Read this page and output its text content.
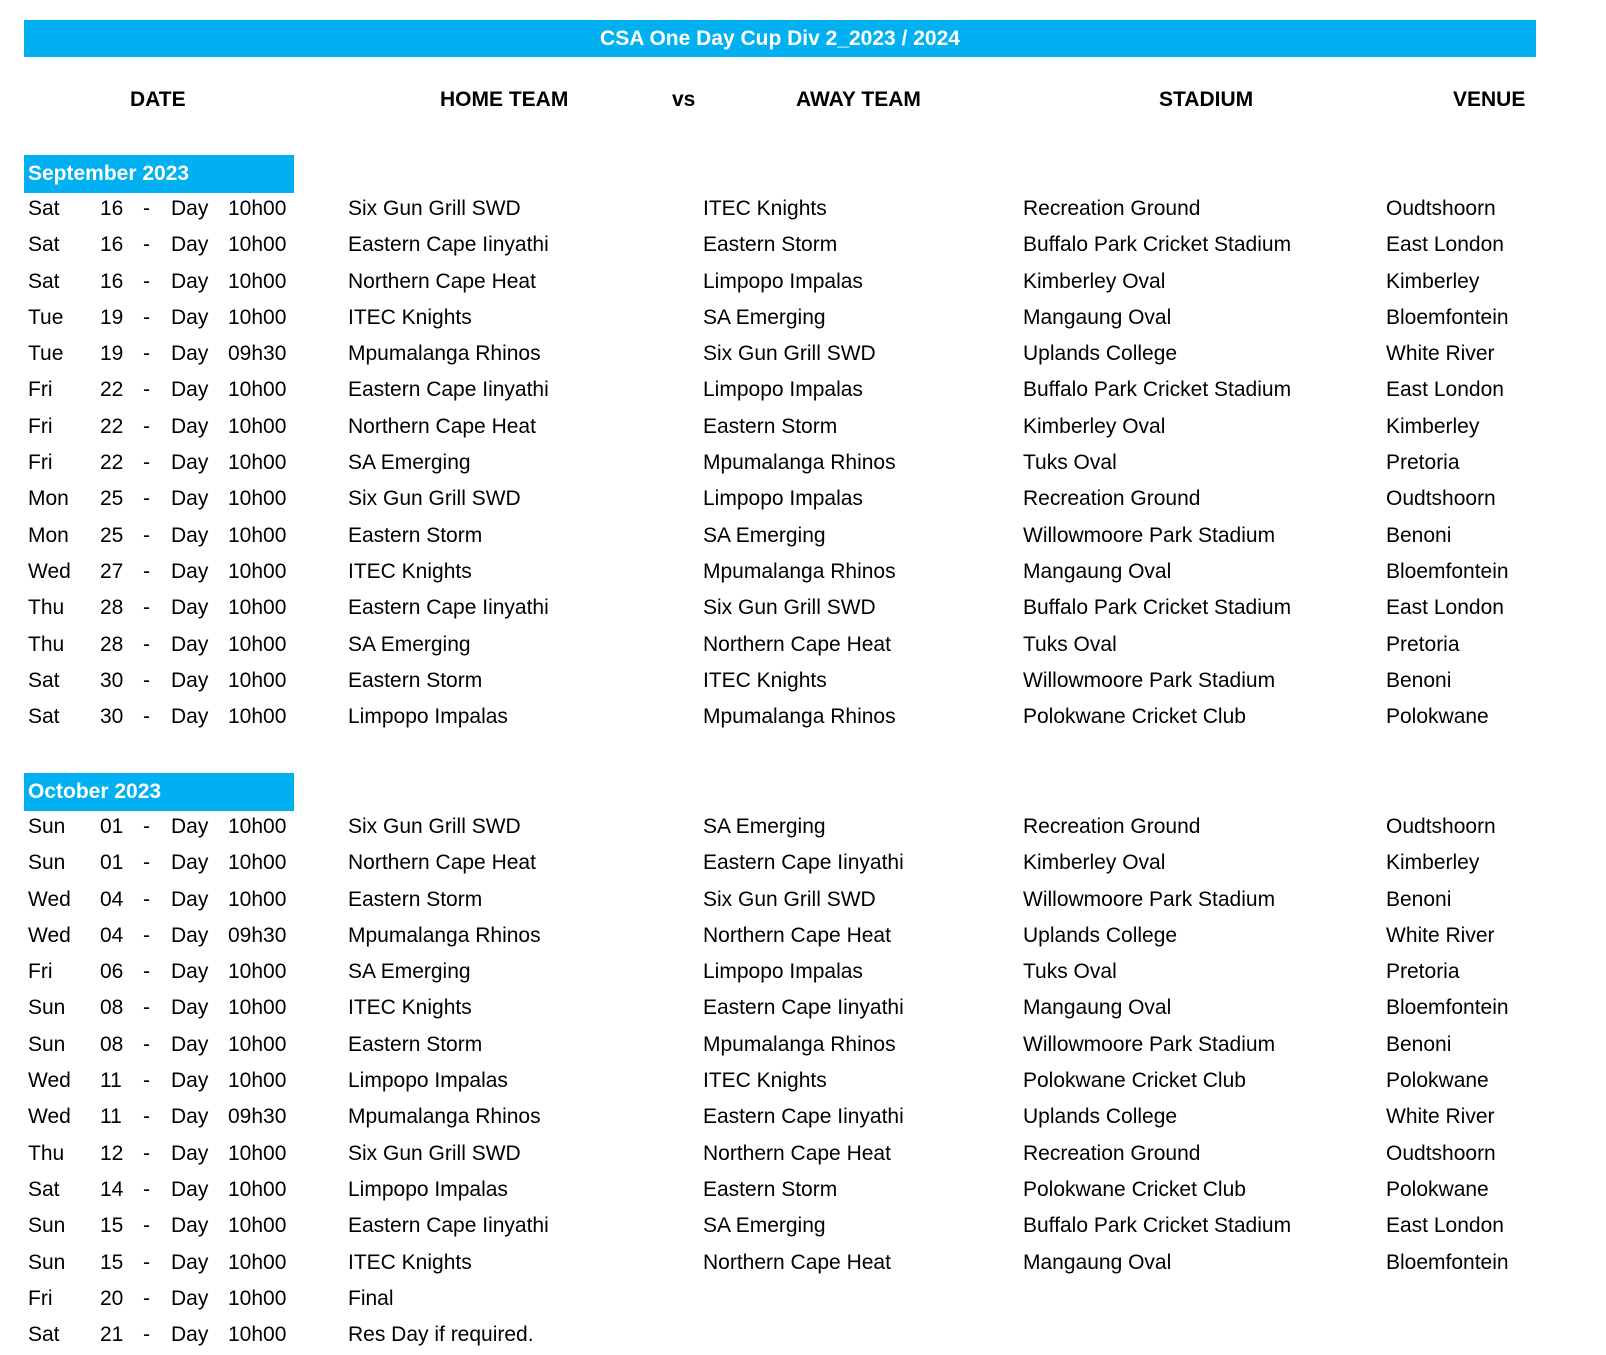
CSA One Day Cup Div 2_2023 / 2024
DATE	HOME TEAM	vs	AWAY TEAM	STADIUM	VENUE
September 2023
Sat 16 - Day 10h00	Six Gun Grill SWD	ITEC Knights	Recreation Ground	Oudtshoorn
Sat 16 - Day 10h00	Eastern Cape Iinyathi	Eastern Storm	Buffalo Park Cricket Stadium	East London
Sat 16 - Day 10h00	Northern Cape Heat	Limpopo Impalas	Kimberley Oval	Kimberley
Tue 19 - Day 10h00	ITEC Knights	SA Emerging	Mangaung Oval	Bloemfontein
Tue 19 - Day 09h30	Mpumalanga Rhinos	Six Gun Grill SWD	Uplands College	White River
Fri 22 - Day 10h00	Eastern Cape Iinyathi	Limpopo Impalas	Buffalo Park Cricket Stadium	East London
Fri 22 - Day 10h00	Northern Cape Heat	Eastern Storm	Kimberley Oval	Kimberley
Fri 22 - Day 10h00	SA Emerging	Mpumalanga Rhinos	Tuks Oval	Pretoria
Mon 25 - Day 10h00	Six Gun Grill SWD	Limpopo Impalas	Recreation Ground	Oudtshoorn
Mon 25 - Day 10h00	Eastern Storm	SA Emerging	Willowmoore Park Stadium	Benoni
Wed 27 - Day 10h00	ITEC Knights	Mpumalanga Rhinos	Mangaung Oval	Bloemfontein
Thu 28 - Day 10h00	Eastern Cape Iinyathi	Six Gun Grill SWD	Buffalo Park Cricket Stadium	East London
Thu 28 - Day 10h00	SA Emerging	Northern Cape Heat	Tuks Oval	Pretoria
Sat 30 - Day 10h00	Eastern Storm	ITEC Knights	Willowmoore Park Stadium	Benoni
Sat 30 - Day 10h00	Limpopo Impalas	Mpumalanga Rhinos	Polokwane Cricket Club	Polokwane
October 2023
Sun 01 - Day 10h00	Six Gun Grill SWD	SA Emerging	Recreation Ground	Oudtshoorn
Sun 01 - Day 10h00	Northern Cape Heat	Eastern Cape Iinyathi	Kimberley Oval	Kimberley
Wed 04 - Day 10h00	Eastern Storm	Six Gun Grill SWD	Willowmoore Park Stadium	Benoni
Wed 04 - Day 09h30	Mpumalanga Rhinos	Northern Cape Heat	Uplands College	White River
Fri 06 - Day 10h00	SA Emerging	Limpopo Impalas	Tuks Oval	Pretoria
Sun 08 - Day 10h00	ITEC Knights	Eastern Cape Iinyathi	Mangaung Oval	Bloemfontein
Sun 08 - Day 10h00	Eastern Storm	Mpumalanga Rhinos	Willowmoore Park Stadium	Benoni
Wed 11 - Day 10h00	Limpopo Impalas	ITEC Knights	Polokwane Cricket Club	Polokwane
Wed 11 - Day 09h30	Mpumalanga Rhinos	Eastern Cape Iinyathi	Uplands College	White River
Thu 12 - Day 10h00	Six Gun Grill SWD	Northern Cape Heat	Recreation Ground	Oudtshoorn
Sat 14 - Day 10h00	Limpopo Impalas	Eastern Storm	Polokwane Cricket Club	Polokwane
Sun 15 - Day 10h00	Eastern Cape Iinyathi	SA Emerging	Buffalo Park Cricket Stadium	East London
Sun 15 - Day 10h00	ITEC Knights	Northern Cape Heat	Mangaung Oval	Bloemfontein
Fri 20 - Day 10h00	Final
Sat 21 - Day 10h00	Res Day if required.
